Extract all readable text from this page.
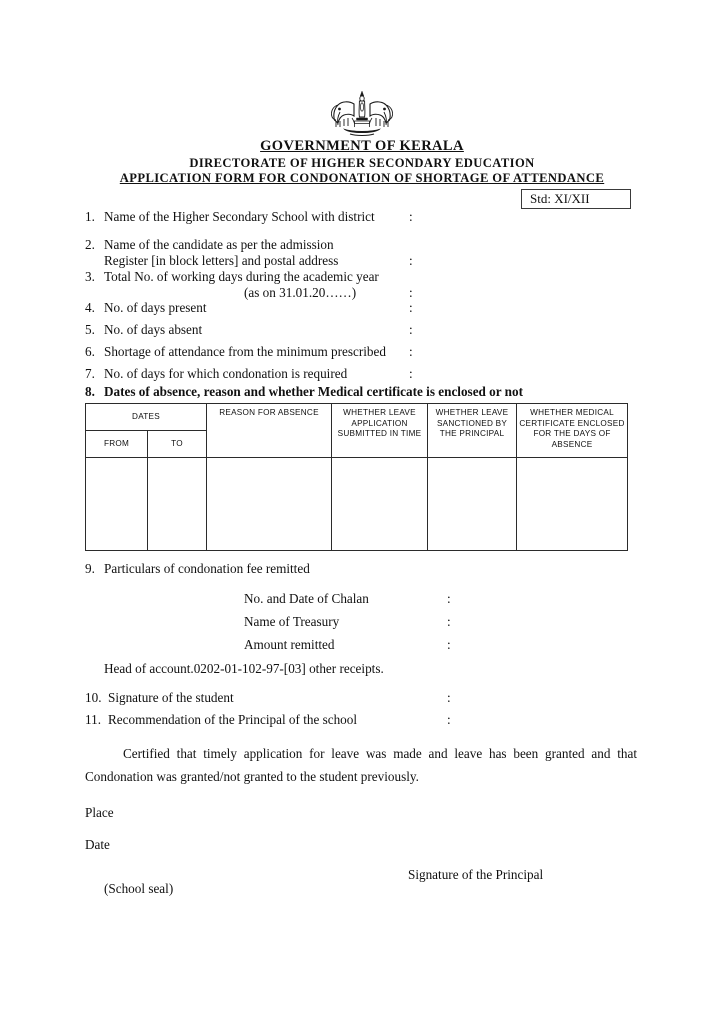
GOVERNMENT OF KERALA
DIRECTORATE OF HIGHER SECONDARY EDUCATION
APPLICATION FORM FOR CONDONATION OF SHORTAGE OF ATTENDANCE
Std: XI/XII
1. Name of the Higher Secondary School with district	:
2. Name of the candidate as per the admission
Register [in block letters] and postal address	:
3. Total No. of working days during the academic year
(as on 31.01.20……)	:
4. No. of days present	:
5. No. of days absent	:
6. Shortage of attendance from the minimum prescribed :
7. No. of days for which condonation is required	:
8. Dates of absence, reason and whether Medical certificate is enclosed or not
DATES		REASON FOR ABSENCE	WHETHER LEAVE APPLICATION SUBMITTED IN TIME	WHETHER LEAVE SANCTIONED BY THE PRINCIPAL	WHETHER MEDICAL CERTIFICATE ENCLOSED FOR THE DAYS OF ABSENCE
FROM	TO				

9. Particulars of condonation fee remitted
No. and Date of Chalan	:
Name of Treasury	:
Amount remitted	:
Head of account.0202-01-102-97-[03] other receipts.
10. Signature of the student	:
11. Recommendation of the Principal of the school	:
Certified that timely application for leave was made and leave has been granted and that Condonation was granted/not granted to the student previously.
Place
Date
Signature of the Principal
(School seal)
